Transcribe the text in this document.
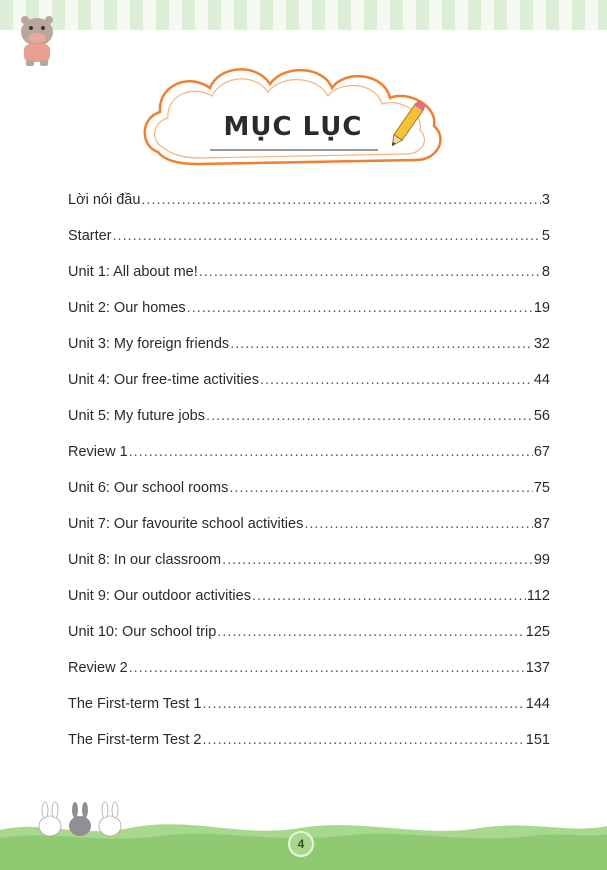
MỤC LỤC
Lời nói đầu .....	3
Starter .....	5
Unit 1: All about me! .....	8
Unit 2: Our homes .....	19
Unit 3: My foreign friends .....	32
Unit 4: Our free-time activities .....	44
Unit 5: My future jobs .....	56
Review 1 .....	67
Unit 6: Our school rooms .....	75
Unit 7: Our favourite school activities .....	87
Unit 8: In our classroom .....	99
Unit 9: Our outdoor activities .....	112
Unit 10: Our school trip .....	125
Review 2 .....	137
The First-term Test 1 .....	144
The First-term Test 2 .....	151
4
